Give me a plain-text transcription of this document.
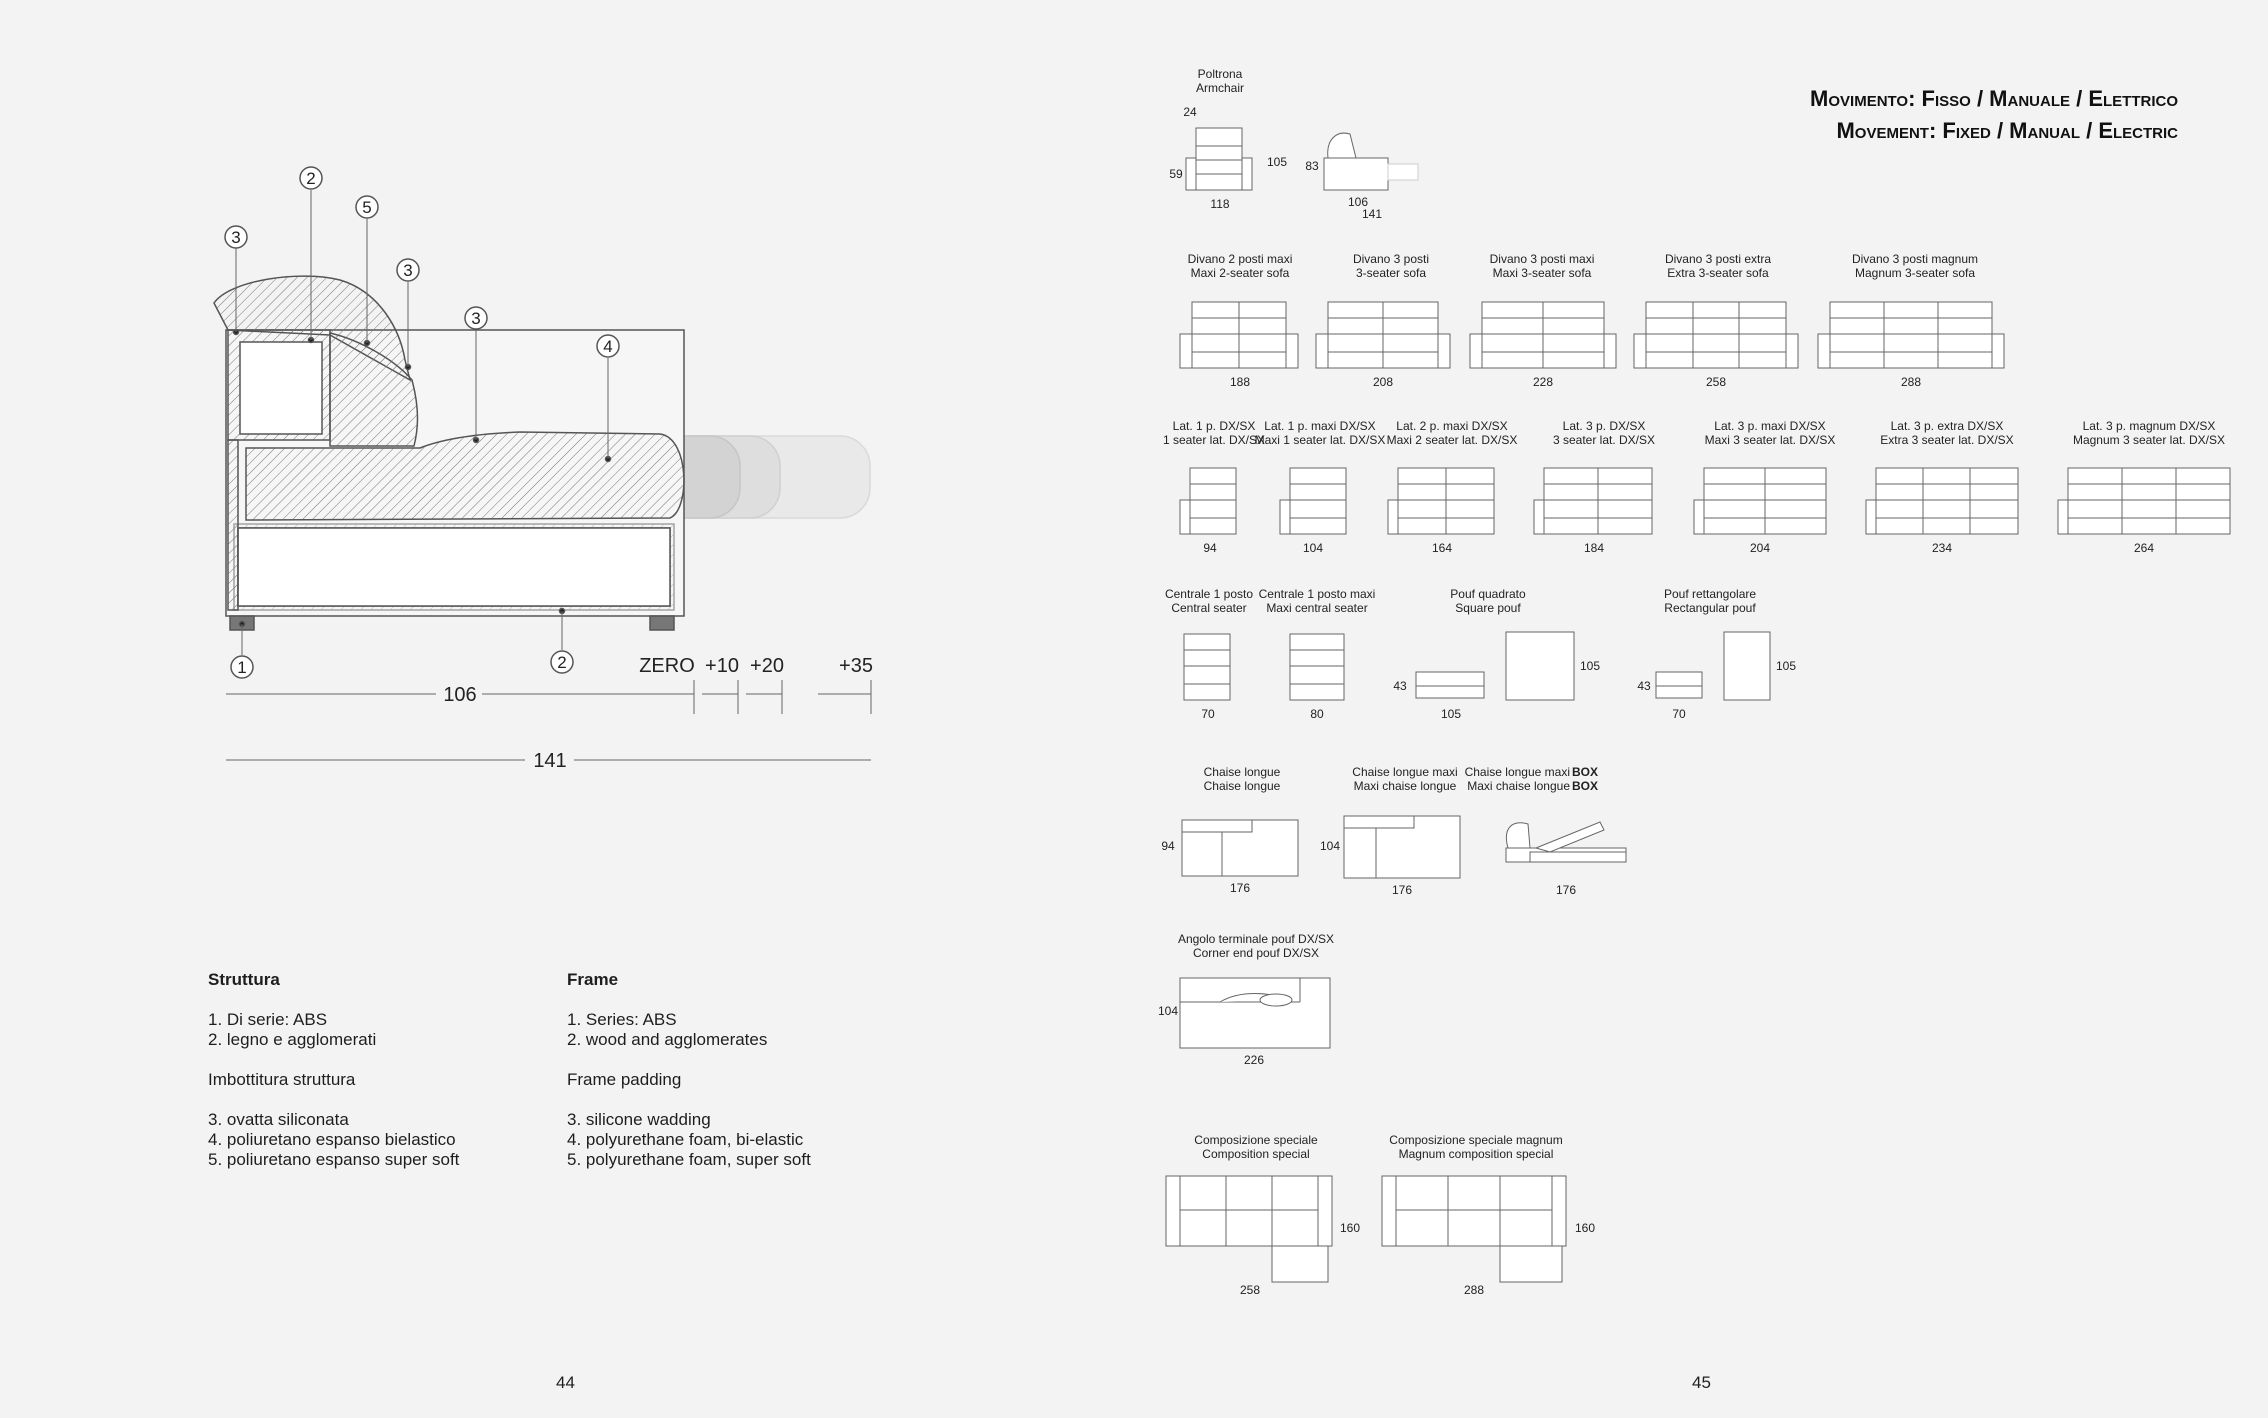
3
2
5
3
3
4
1	2	ZERO +10 +20	+35
106
141
Movimento: Fisso / Manuale / Elettrico
Movement: Fixed / Manual / Electric
Poltrona
Armchair
24
59
105
118
83
106
141
Divano 2 posti maxi
Maxi 2-seater sofa
Divano 3 posti
3-seater sofa
Divano 3 posti maxi
Maxi 3-seater sofa
Divano 3 posti extra
Extra 3-seater sofa
Divano 3 posti magnum
Magnum 3-seater sofa
188	208	228	258	288
Lat. 1 p. DX/SX
1 seater lat. DX/SX
Lat. 1 p. maxi DX/SX
Maxi 1 seater lat. DX/SX
Lat. 2 p. maxi DX/SX
Maxi 2 seater lat. DX/SX
Lat. 3 p. DX/SX
3 seater lat. DX/SX
Lat. 3 p. maxi DX/SX
Maxi 3 seater lat. DX/SX
Lat. 3 p. extra DX/SX
Extra 3 seater lat. DX/SX
Lat. 3 p. magnum DX/SX
Magnum 3 seater lat. DX/SX
94	104	164	184	204	234	264
Centrale 1 posto
Central seater
Centrale 1 posto maxi
Maxi central seater
Pouf quadrato
Square pouf
Pouf rettangolare
Rectangular pouf
70	80
43
105
105
43
70
105
Chaise longue
Chaise longue
Chaise longue maxi
Maxi chaise longue
Chaise longue maxi BOX
Maxi chaise longue BOX
94
176
104
176	176
Angolo terminale pouf DX/SX
Corner end pouf DX/SX
104
226
Composizione speciale
Composition special
Composizione speciale magnum
Magnum composition special
258
160
288
160
Struttura
1. Di serie: ABS
2. legno e agglomerati
Imbottitura struttura
3. ovatta siliconata
4. poliuretano espanso bielastico
5. poliuretano espanso super soft
Frame
1. Series: ABS
2. wood and agglomerates
Frame padding
3. silicone wadding
4. polyurethane foam, bi-elastic
5. polyurethane foam, super soft
44	45
